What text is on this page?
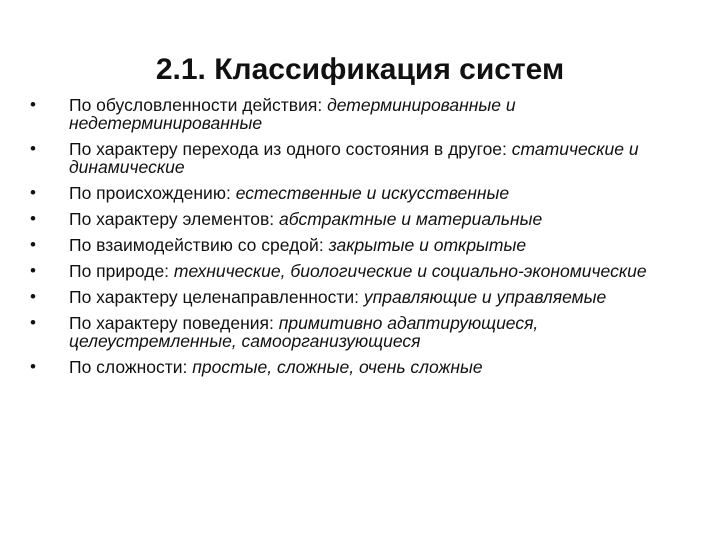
2.1. Классификация систем
•	По обусловленности действия: детерминированные и недетерминированные
•	По характеру перехода из одного состояния в другое: статические и динамические
•	По происхождению: естественные и искусственные
•	По характеру элементов: абстрактные и материальные
•	По взаимодействию со средой: закрытые и открытые
•	По природе: технические, биологические и социально-экономические
•	По характеру целенаправленности: управляющие и управляемые
•	По характеру поведения: примитивно адаптирующиеся, целеустремленные, самоорганизующиеся
•	По сложности: простые, сложные, очень сложные
